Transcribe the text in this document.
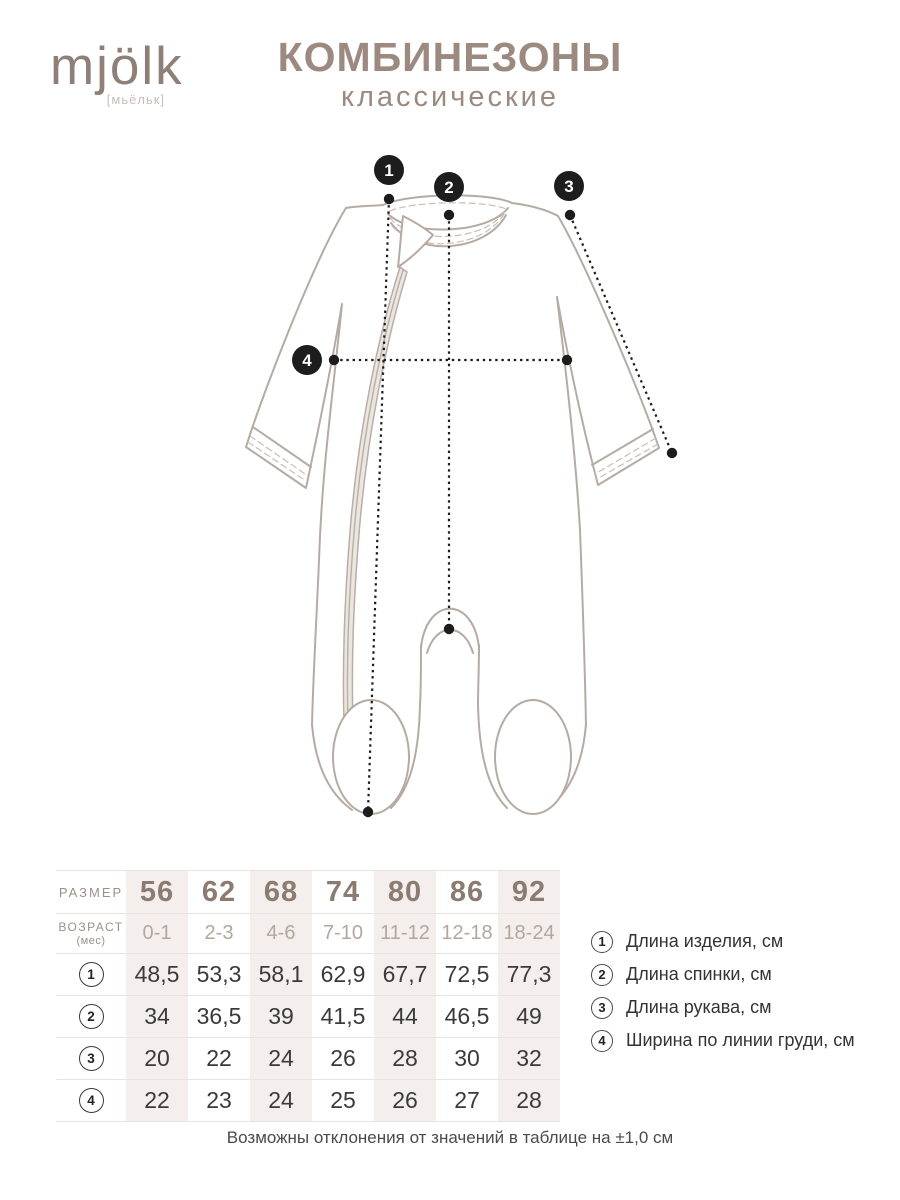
mjölk
[мьёльк]
КОМБИНЕЗОНЫ
классические
1
2	3
4
РАЗМЕР 56 62 68 74 80 86 92
ВОЗРАСТ
(мес)	0-1	2-3	4-6	7-10 11-12 12-18 18-24
1	48,5 53,3 58,1 62,9 67,7 72,5 77,3
2	34	36,5	39	41,5	44	46,5	49
3	20	22	24	26	28	30	32
4	22	23	24	25	26	27	28
1	Длина изделия, см
2	Длина спинки, см
3	Длина рукава, см
4	Ширина по линии груди, см
Возможны отклонения от значений в таблице на ±1,0 см
